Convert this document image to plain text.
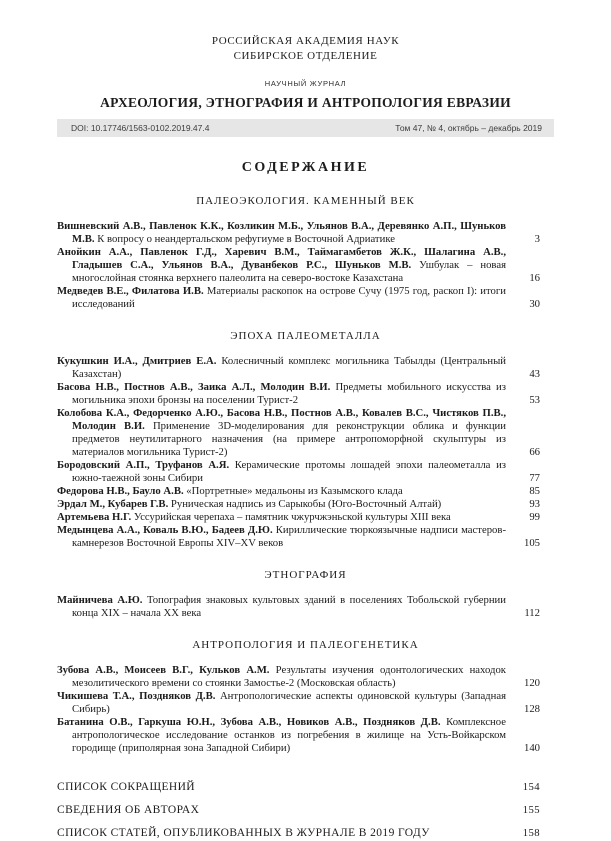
РОССИЙСКАЯ АКАДЕМИЯ НАУК
СИБИРСКОЕ ОТДЕЛЕНИЕ
НАУЧНЫЙ ЖУРНАЛ
АРХЕОЛОГИЯ, ЭТНОГРАФИЯ И АНТРОПОЛОГИЯ ЕВРАЗИИ
DOI: 10.17746/1563-0102.2019.47.4	Том 47, № 4, октябрь – декабрь 2019
СОДЕРЖАНИЕ
ПАЛЕОЭКОЛОГИЯ. КАМЕННЫЙ ВЕК
Вишневский А.В., Павленок К.К., Козликин М.Б., Ульянов В.А., Деревянко А.П., Шуньков М.В. К вопросу о неандертальском рефугиуме в Восточной Адриатике	3
Анойкин А.А., Павленок Г.Д., Харевич В.М., Таймагамбетов Ж.К., Шалагина А.В., Гладышев С.А., Ульянов В.А., Дуванбеков Р.С., Шуньков М.В. Ушбулак – новая многослойная стоянка верхнего палеолита на северо-востоке Казахстана	16
Медведев В.Е., Филатова И.В. Материалы раскопок на острове Сучу (1975 год, раскоп I): итоги исследований	30
ЭПОХА ПАЛЕОМЕТАЛЛА
Кукушкин И.А., Дмитриев Е.А. Колесничный комплекс могильника Табылды (Центральный Казахстан)	43
Басова Н.В., Постнов А.В., Заика А.Л., Молодин В.И. Предметы мобильного искусства из могильника эпохи бронзы на поселении Турист-2	53
Колобова К.А., Федорченко А.Ю., Басова Н.В., Постнов А.В., Ковалев В.С., Чистяков П.В., Молодин В.И. Применение 3D-моделирования для реконструкции облика и функции предметов неутилитарного назначения (на примере антропоморфной скульптуры из материалов могильника Турист-2)	66
Бородовский А.П., Труфанов А.Я. Керамические протомы лошадей эпохи палеометалла из южно-таежной зоны Сибири	77
Федорова Н.В., Бауло А.В. «Портретные» медальоны из Казымского клада	85
Эрдал М., Кубарев Г.В. Руническая надпись из Сарыкобы (Юго-Восточный Алтай)	93
Артемьева Н.Г. Уссурийская черепаха – памятник чжурчжэньской культуры XIII века	99
Медынцева А.А., Коваль В.Ю., Бадеев Д.Ю. Кириллические тюркоязычные надписи мастеров-камнерезов Восточной Европы XIV–XV веков	105
ЭТНОГРАФИЯ
Майничева А.Ю. Топография знаковых культовых зданий в поселениях Тобольской губернии конца XIX – начала XX века	112
АНТРОПОЛОГИЯ И ПАЛЕОГЕНЕТИКА
Зубова А.В., Моисеев В.Г., Кульков А.М. Результаты изучения одонтологических находок мезолитического времени со стоянки Замостье-2 (Московская область)	120
Чикишева Т.А., Поздняков Д.В. Антропологические аспекты одиновской культуры (Западная Сибирь)	128
Батанина О.В., Гаркуша Ю.Н., Зубова А.В., Новиков А.В., Поздняков Д.В. Комплексное антропологическое исследование останков из погребения в жилище на Усть-Войкарском городище (приполярная зона Западной Сибири)	140
СПИСОК СОКРАЩЕНИЙ	154
СВЕДЕНИЯ ОБ АВТОРАХ	155
СПИСОК СТАТЕЙ, ОПУБЛИКОВАННЫХ В ЖУРНАЛЕ В 2019 ГОДУ	158
